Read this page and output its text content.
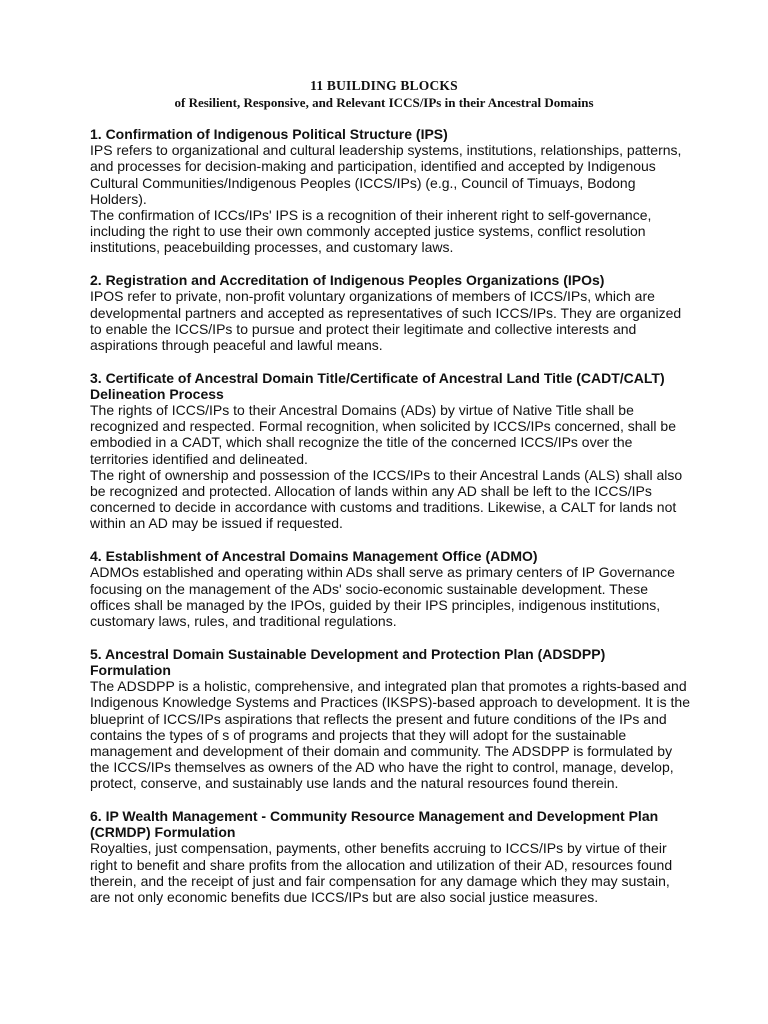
11 BUILDING BLOCKS
of Resilient, Responsive, and Relevant ICCS/IPs in their Ancestral Domains

1. Confirmation of Indigenous Political Structure (IPS)

IPS refers to organizational and cultural leadership systems, institutions, relationships, patterns, and processes for decision-making and participation, identified and accepted by Indigenous Cultural Communities/Indigenous Peoples (ICCS/IPs) (e.g., Council of Timuays, Bodong Holders).

The confirmation of ICCs/IPs' IPS is a recognition of their inherent right to self-governance, including the right to use their own commonly accepted justice systems, conflict resolution institutions, peacebuilding processes, and customary laws.

2. Registration and Accreditation of Indigenous Peoples Organizations (IPOs)

IPOS refer to private, non-profit voluntary organizations of members of ICCS/IPs, which are developmental partners and accepted as representatives of such ICCS/IPs. They are organized to enable the ICCS/IPs to pursue and protect their legitimate and collective interests and aspirations through peaceful and lawful means.

3. Certificate of Ancestral Domain Title/Certificate of Ancestral Land Title (CADT/CALT) Delineation Process

The rights of ICCS/IPs to their Ancestral Domains (ADs) by virtue of Native Title shall be recognized and respected. Formal recognition, when solicited by ICCS/IPs concerned, shall be embodied in a CADT, which shall recognize the title of the concerned ICCS/IPs over the territories identified and delineated.

The right of ownership and possession of the ICCS/IPs to their Ancestral Lands (ALS) shall also be recognized and protected. Allocation of lands within any AD shall be left to the ICCS/IPs concerned to decide in accordance with customs and traditions. Likewise, a CALT for lands not within an AD may be issued if requested.

4. Establishment of Ancestral Domains Management Office (ADMO)

ADMOs established and operating within ADs shall serve as primary centers of IP Governance focusing on the management of the ADs' socio-economic sustainable development. These offices shall be managed by the IPOs, guided by their IPS principles, indigenous institutions, customary laws, rules, and traditional regulations.

5. Ancestral Domain Sustainable Development and Protection Plan (ADSDPP) Formulation

The ADSDPP is a holistic, comprehensive, and integrated plan that promotes a rights-based and Indigenous Knowledge Systems and Practices (IKSPS)-based approach to development. It is the blueprint of ICCS/IPs aspirations that reflects the present and future conditions of the IPs and contains the types of s of programs and projects that they will adopt for the sustainable management and development of their domain and community. The ADSDPP is formulated by the ICCS/IPs themselves as owners of the AD who have the right to control, manage, develop, protect, conserve, and sustainably use lands and the natural resources found therein.

6. IP Wealth Management - Community Resource Management and Development Plan (CRMDP) Formulation

Royalties, just compensation, payments, other benefits accruing to ICCS/IPs by virtue of their right to benefit and share profits from the allocation and utilization of their AD, resources found therein, and the receipt of just and fair compensation for any damage which they may sustain, are not only economic benefits due ICCS/IPs but are also social justice measures.
